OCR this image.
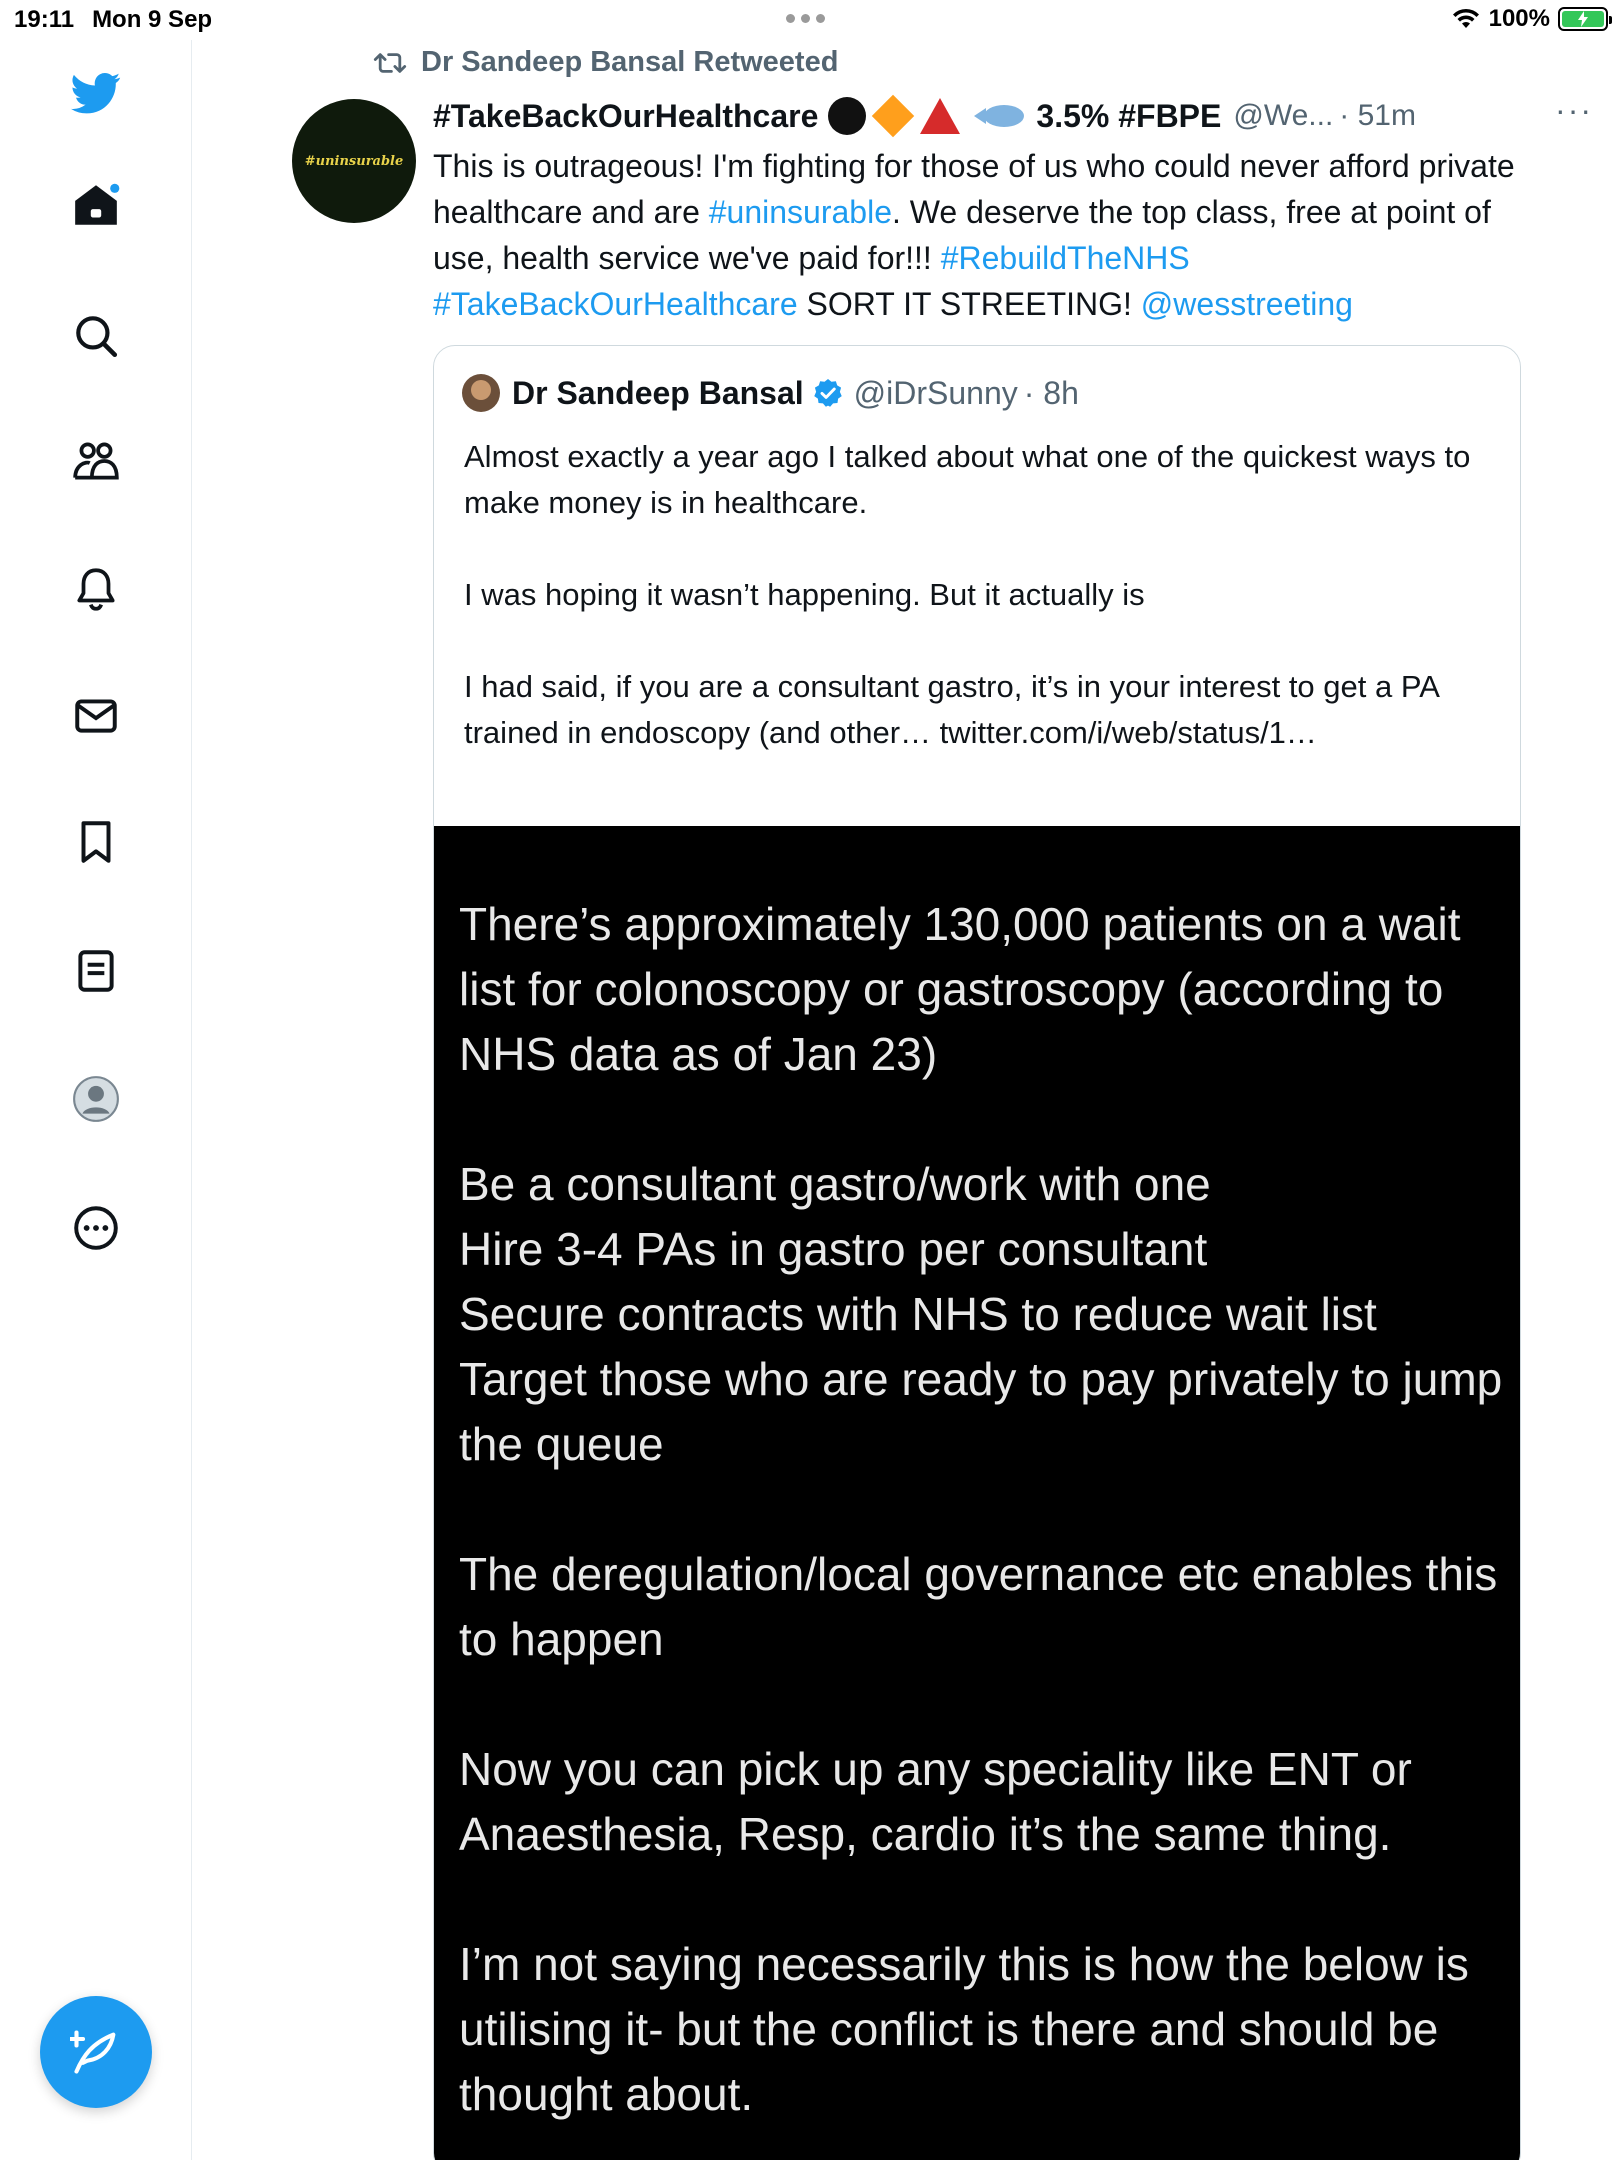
19:11 Mon 9 Sep	100%
Dr Sandeep Bansal Retweeted
#uninsurable
#TakeBackOurHealthcare	3.5% #FBPE @We... · 51m	···
This is outrageous! I'm fighting for those of us who could never afford private healthcare and are #uninsurable. We deserve the top class, free at point of use, health service we've paid for!!! #RebuildTheNHS
#TakeBackOurHealthcare SORT IT STREETING! @wesstreeting
Dr Sandeep Bansal @iDrSunny · 8h

Almost exactly a year ago I talked about what one of the quickest ways to make money is in healthcare.

I was hoping it wasn’t happening. But it actually is

I had said, if you are a consultant gastro, it’s in your interest to get a PA trained in endoscopy (and other… twitter.com/i/web/status/1…

There’s approximately 130,000 patients on a wait list for colonoscopy or gastroscopy (according to NHS data as of Jan 23)

Be a consultant gastro/work with one
Hire 3-4 PAs in gastro per consultant
Secure contracts with NHS to reduce wait list
Target those who are ready to pay privately to jump the queue

The deregulation/local governance etc enables this to happen

Now you can pick up any speciality like ENT or Anaesthesia, Resp, cardio it’s the same thing.

I’m not saying necessarily this is how the below is utilising it- but the conflict is there and should be thought about.
